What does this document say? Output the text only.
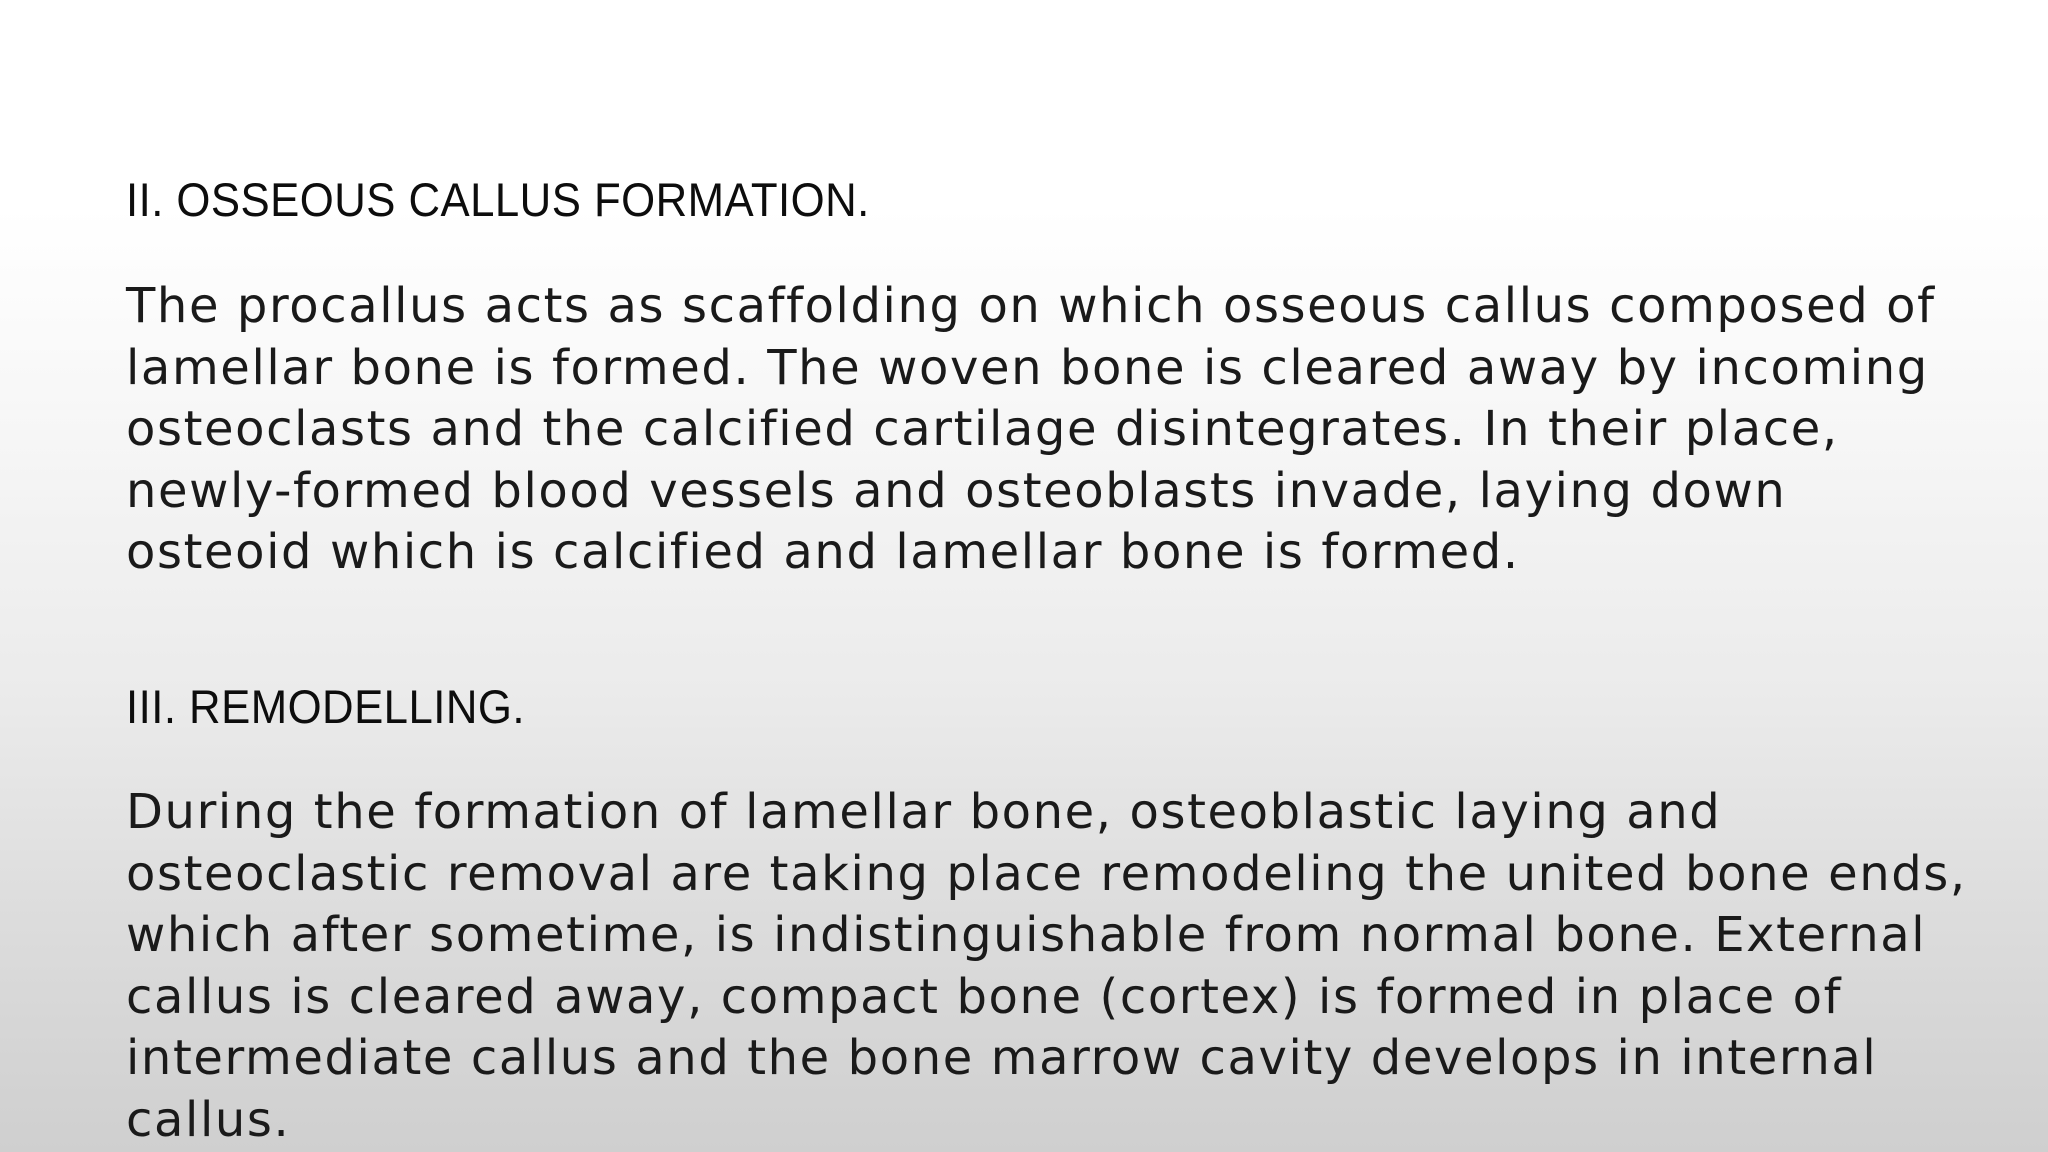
II. OSSEOUS CALLUS FORMATION.

The procallus acts as scaffolding on which osseous callus composed of
lamellar bone is formed. The woven bone is cleared away by incoming
osteoclasts and the calcified cartilage disintegrates. In their place,
newly-formed blood vessels and osteoblasts invade, laying down
osteoid which is calcified and lamellar bone is formed.

III. REMODELLING.

During the formation of lamellar bone, osteoblastic laying and
osteoclastic removal are taking place remodeling the united bone ends,
which after sometime, is indistinguishable from normal bone. External
callus is cleared away, compact bone (cortex) is formed in place of
intermediate callus and the bone marrow cavity develops in internal
callus.
